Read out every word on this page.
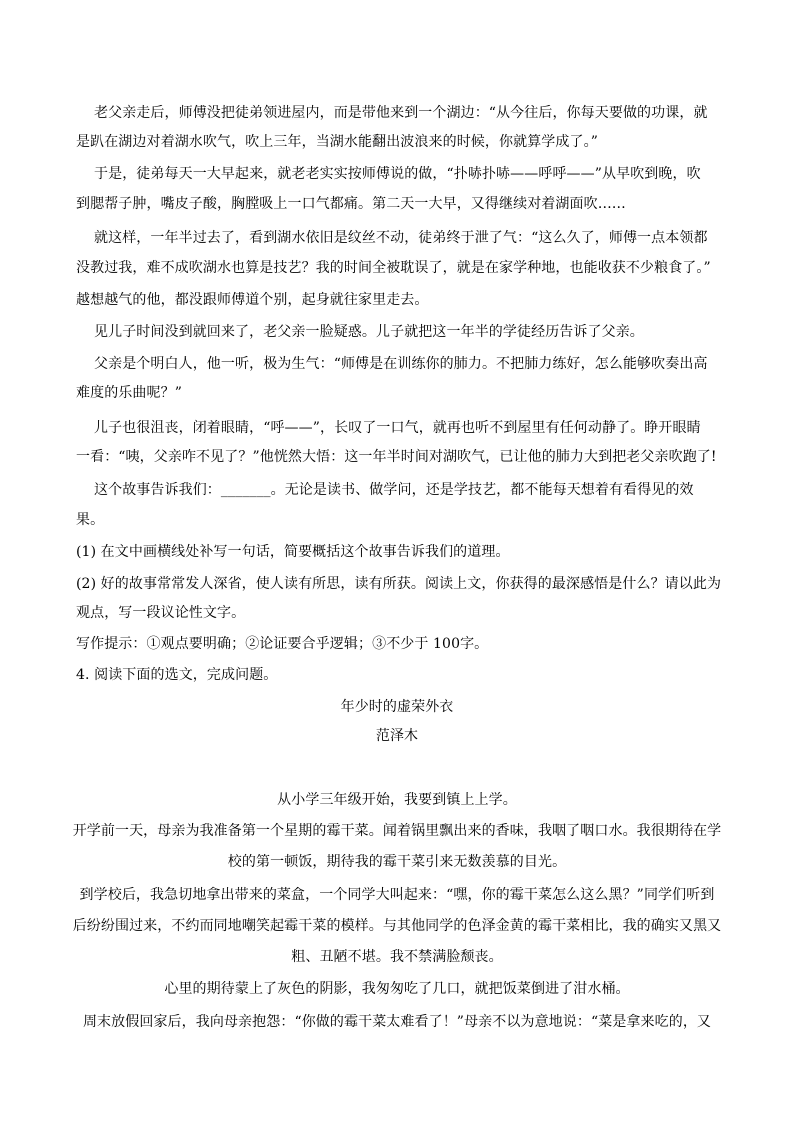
老父亲走后，师傅没把徒弟领进屋内，而是带他来到一个湖边：“从今往后，你每天要做的功课，就
是趴在湖边对着湖水吹气，吹上三年，当湖水能翻出波浪来的时候，你就算学成了。”
于是，徒弟每天一大早起来，就老老实实按师傅说的做，“扑哧扑哧——呼呼——”从早吹到晚，吹
到腮帮子肿，嘴皮子酸，胸膛吸上一口气都痛。第二天一大早，又得继续对着湖面吹……
就这样，一年半过去了，看到湖水依旧是纹丝不动，徒弟终于泄了气：“这么久了，师傅一点本领都
没教过我，难不成吹湖水也算是技艺？我的时间全被耽误了，就是在家学种地，也能收获不少粮食了。”
越想越气的他，都没跟师傅道个别，起身就往家里走去。
见儿子时间没到就回来了，老父亲一脸疑惑。儿子就把这一年半的学徒经历告诉了父亲。
父亲是个明白人，他一听，极为生气：“师傅是在训练你的肺力。不把肺力练好，怎么能够吹奏出高
难度的乐曲呢？”
儿子也很沮丧，闭着眼睛，“呼——”，长叹了一口气，就再也听不到屋里有任何动静了。睁开眼睛
一看：“咦，父亲咋不见了？”他恍然大悟：这一年半时间对湖吹气，已让他的肺力大到把老父亲吹跑了!
这个故事告诉我们：_______。无论是读书、做学问，还是学技艺，都不能每天想着有看得见的效
果。
(1) 在文中画横线处补写一句话，简要概括这个故事告诉我们的道理。
(2) 好的故事常常发人深省，使人读有所思，读有所获。阅读上文，你获得的最深感悟是什么？请以此为
观点，写一段议论性文字。
写作提示：①观点要明确；②论证要合乎逻辑；③不少于 100字。
4. 阅读下面的选文，完成问题。
年少时的虚荣外衣
范泽木
从小学三年级开始，我要到镇上上学。
开学前一天，母亲为我准备第一个星期的霉干菜。闻着锅里飘出来的香味，我咽了咽口水。我很期待在学
校的第一顿饭，期待我的霉干菜引来无数羡慕的目光。
到学校后，我急切地拿出带来的菜盒，一个同学大叫起来：“嘿，你的霉干菜怎么这么黑？”同学们听到
后纷纷围过来，不约而同地嘲笑起霉干菜的模样。与其他同学的色泽金黄的霉干菜相比，我的确实又黑又
粗、丑陋不堪。我不禁满脸颓丧。
心里的期待蒙上了灰色的阴影，我匆匆吃了几口，就把饭菜倒进了泔水桶。
周末放假回家后，我向母亲抱怨：“你做的霉干菜太难看了！”母亲不以为意地说：“菜是拿来吃的，又
